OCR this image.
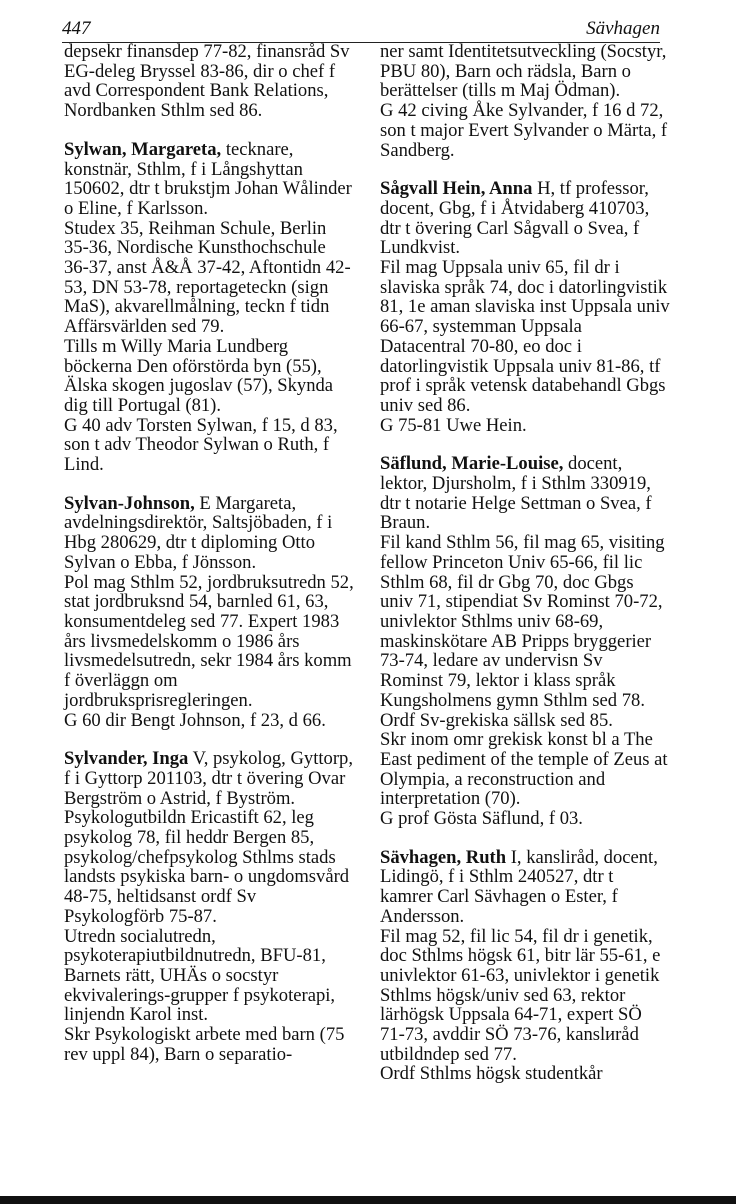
447	Sävhagen

depsekr finansdep 77-82, finansråd Sv EG-deleg Bryssel 83-86, dir o chef f avd Correspondent Bank Relations, Nordbanken Sthlm sed 86.

Sylwan, Margareta, tecknare, konstnär, Sthlm, f i Långshyttan 150602, dtr t brukstjm Johan Wålinder o Eline, f Karlsson.

Studex 35, Reihman Schule, Berlin 35-36, Nordische Kunsthochschule 36-37, anst Å&Å 37-42, Aftontidn 42-53, DN 53-78, reportageteckn (sign MaS), akvarellmålning, teckn f tidn Affärsvärlden sed 79.

Tills m Willy Maria Lundberg böckerna Den oförstörda byn (55), Älska skogen jugoslav (57), Skynda dig till Portugal (81).

G 40 adv Torsten Sylwan, f 15, d 83, son t adv Theodor Sylwan o Ruth, f Lind.

Sylvan-Johnson, E Margareta, avdelningsdirektör, Saltsjöbaden, f i Hbg 280629, dtr t diploming Otto Sylvan o Ebba, f Jönsson.

Pol mag Sthlm 52, jordbruksutredn 52, stat jordbruksnd 54, barnled 61, 63, konsumentdeleg sed 77. Expert 1983 års livsmedelskomm o 1986 års livsmedelsutredn, sekr 1984 års komm f överläggn om jordbruksprisregleringen.

G 60 dir Bengt Johnson, f 23, d 66.

Sylvander, Inga V, psykolog, Gyttorp, f i Gyttorp 201103, dtr t övering Ovar Bergström o Astrid, f Byström.

Psykologutbildn Ericastift 62, leg psykolog 78, fil heddr Bergen 85, psykolog/chefpsykolog Sthlms stads landsts psykiska barn- o ungdomsvård 48-75, heltidsanst ordf Sv Psykologförb 75-87.

Utredn socialutredn, psykoterapiutbildnutredn, BFU-81, Barnets rätt, UHÄs o socstyr ekvivalerings-grupper f psykoterapi, linjendn Karol inst.

Skr Psykologiskt arbete med barn (75 rev uppl 84), Barn o separatio-

ner samt Identitetsutveckling (Socstyr, PBU 80), Barn och rädsla, Barn o berättelser (tills m Maj Ödman).

G 42 civing Åke Sylvander, f 16 d 72, son t major Evert Sylvander o Märta, f Sandberg.

Sågvall Hein, Anna H, tf professor, docent, Gbg, f i Åtvidaberg 410703, dtr t övering Carl Sågvall o Svea, f Lundkvist.

Fil mag Uppsala univ 65, fil dr i slaviska språk 74, doc i datorlingvistik 81, 1e aman slaviska inst Uppsala univ 66-67, systemman Uppsala Datacentral 70-80, eo doc i datorlingvistik Uppsala univ 81-86, tf prof i språk vetensk databehandl Gbgs univ sed 86.

G 75-81 Uwe Hein.

Säflund, Marie-Louise, docent, lektor, Djursholm, f i Sthlm 330919, dtr t notarie Helge Settman o Svea, f Braun.

Fil kand Sthlm 56, fil mag 65, visiting fellow Princeton Univ 65-66, fil lic Sthlm 68, fil dr Gbg 70, doc Gbgs univ 71, stipendiat Sv Rominst 70-72, univlektor Sthlms univ 68-69, maskinskötare AB Pripps bryggerier 73-74, ledare av undervisn Sv Rominst 79, lektor i klass språk Kungsholmens gymn Sthlm sed 78.

Ordf Sv-grekiska sällsk sed 85.

Skr inom omr grekisk konst bl a The East pediment of the temple of Zeus at Olympia, a reconstruction and interpretation (70).

G prof Gösta Säflund, f 03.

Sävhagen, Ruth I, kansliråd, docent, Lidingö, f i Sthlm 240527, dtr t kamrer Carl Sävhagen o Ester, f Andersson.

Fil mag 52, fil lic 54, fil dr i genetik, doc Sthlms högsk 61, bitr lär 55-61, e univlektor 61-63, univlektor i genetik Sthlms högsk/univ sed 63, rektor lärhögsk Uppsala 64-71, expert SÖ 71-73, avddir SÖ 73-76, kanslиråd utbildndep sed 77.

Ordf Sthlms högsk studentkår
